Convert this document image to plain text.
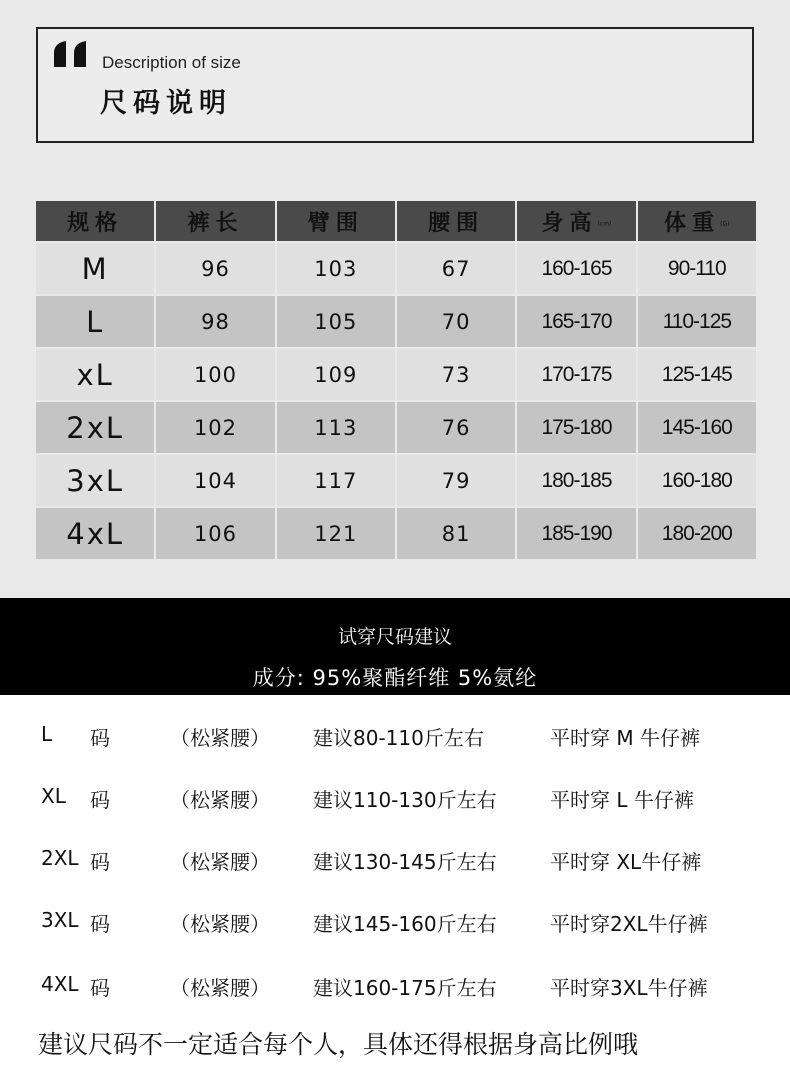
Description of size
尺码说明
规格	裤长	臂围	腰围	身高(cm)	体重(G)
M	96	103	67	160-165	90-110
L	98	105	70	165-170	110-125
xL	100	109	73	170-175	125-145
2xL	102	113	76	175-180	145-160
3xL	104	117	79	180-185	160-180
4xL	106	121	81	185-190	180-200
试穿尺码建议
成分: 95%聚酯纤维 5%氨纶
L 码	（松紧腰） 建议80-110斤左右	平时穿 M 牛仔裤
XL 码	（松紧腰） 建议110-130斤左右	平时穿 L 牛仔裤
2XL 码	（松紧腰） 建议130-145斤左右	平时穿 XL牛仔裤
3XL 码	（松紧腰） 建议145-160斤左右	平时穿2XL牛仔裤
4XL 码	（松紧腰） 建议160-175斤左右	平时穿3XL牛仔裤
建议尺码不一定适合每个人，具体还得根据身高比例哦
